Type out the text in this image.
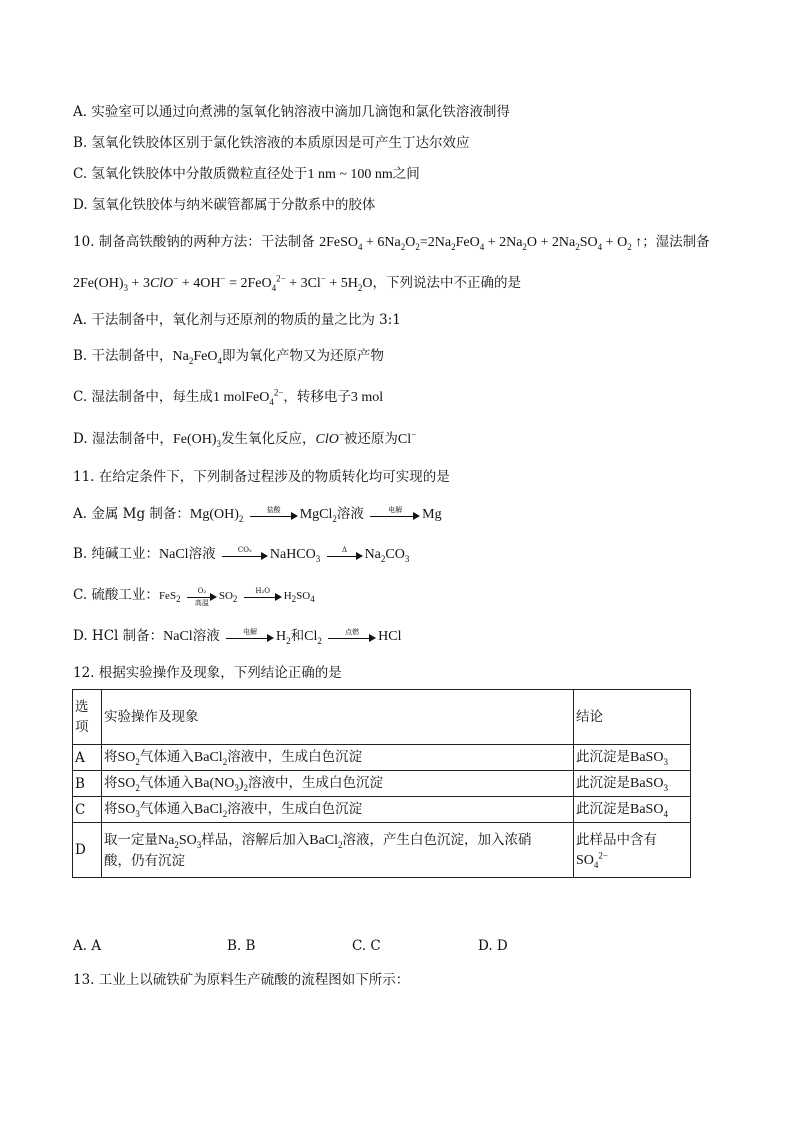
A. 实验室可以通过向煮沸的氢氧化钠溶液中滴加几滴饱和氯化铁溶液制得
B. 氢氧化铁胶体区别于氯化铁溶液的本质原因是可产生丁达尔效应
C. 氢氧化铁胶体中分散质微粒直径处于1 nm ~ 100 nm之间
D. 氢氧化铁胶体与纳米碳管都属于分散系中的胶体
10. 制备高铁酸钠的两种方法：干法制备 2FeSO$_4$ + $6Na_2O_2=2Na_2FeO_4 + 2Na_2O + 2Na_2SO_4 + O_2$ ↑；湿法制备
$2Fe(OH)_3 + 3ClO^- + 4OH^- = 2FeO_4^{2-} + 3Cl^- + 5H_2O$，下列说法中不正确的是
A. 干法制备中，氧化剂与还原剂的物质的量之比为 3:1
B. 干法制备中，$Na_2FeO_4$即为氧化产物又为还原产物
C. 湿法制备中，每生成1 molFeO$_4^{2-}$，转移电子3 mol
D. 湿法制备中，$Fe(OH)_3$发生氧化反应，ClO−被还原为Cl−
11. 在给定条件下，下列制备过程涉及的物质转化均可实现的是
A. 金属 Mg 制备：$Mg(OH)_2$
盐酸	MgCl$_2$溶液	电解	Mg
B. 纯碱工业：NaCl溶液	CO₂	NaHCO$_3$
Δ	$Na_2CO_3$
C. 硫酸工业：FeS$_2$
O₂
高温
$SO_2$
H₂O	$H_2SO_4$
D. HCl 制备：NaCl溶液	电解	$H_2$和$Cl_2$
点燃	HCl
12. 根据实验操作及现象，下列结论正确的是
选项	实验操作及现象	结论
A	将$SO_2$气体通入BaCl$_2$溶液中，生成白色沉淀	此沉淀是BaSO$_3$
B	将$SO_2$气体通入$Ba(NO_3)_2$溶液中，生成白色沉淀	此沉淀是BaSO$_3$
C	将$SO_3$气体通入BaCl$_2$溶液中，生成白色沉淀	此沉淀是BaSO$_4$
D	取一定量$Na_2SO_3$样品，溶解后加入BaCl$_2$溶液，产生白色沉淀，加入浓硝
酸，仍有沉淀	此样品中含有
$SO_4^{2-}$
A. A	B. B	C. C	D. D
13. 工业上以硫铁矿为原料生产硫酸的流程图如下所示：
